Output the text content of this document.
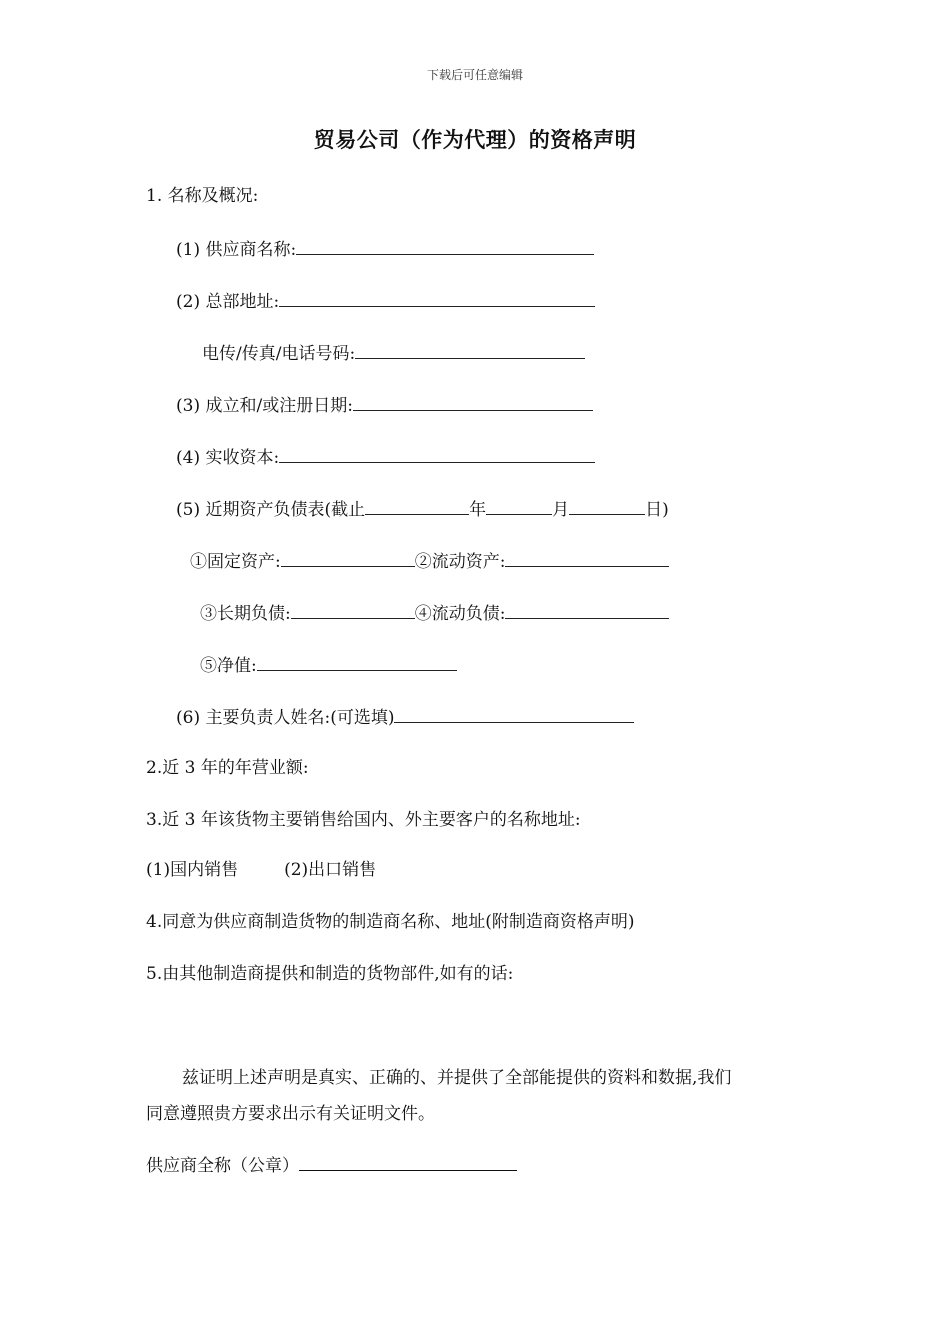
下载后可任意编辑
贸易公司（作为代理）的资格声明
1. 名称及概况:
(1) 供应商名称:
(2) 总部地址:
电传/传真/电话号码:
(3) 成立和/或注册日期:
(4) 实收资本:
(5) 近期资产负债表(截止	年	月	日)
①固定资产:	②流动资产:
③长期负债:	④流动负债:
⑤净值:
(6) 主要负责人姓名:(可选填)
2.近 3 年的年营业额:
3.近 3 年该货物主要销售给国内、外主要客户的名称地址:
(1)国内销售	(2)出口销售
4.同意为供应商制造货物的制造商名称、地址(附制造商资格声明)
5.由其他制造商提供和制造的货物部件,如有的话:
兹证明上述声明是真实、正确的、并提供了全部能提供的资料和数据,我们
同意遵照贵方要求出示有关证明文件。
供应商全称（公章）
